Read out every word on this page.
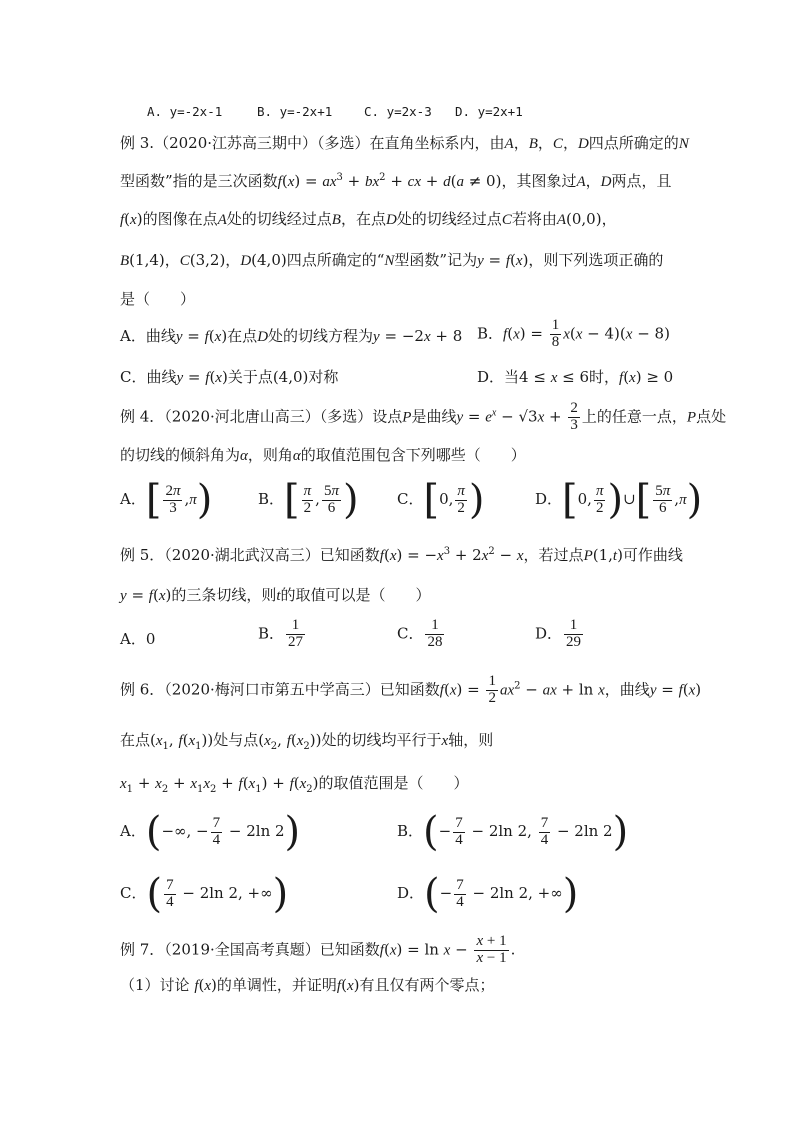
A. y=-2x-1	B. y=-2x+1	C. y=2x-3 D. y=2x+1
例 3.（2020·江苏高三期中）（多选）在直角坐标系内，由A，B，C，D四点所确定的N
型函数”指的是三次函数$f(x) = ax^3 + bx^2$ + cx + d(a ≠ 0)，其图象过A，D两点，且
f(x)的图像在点A处的切线经过点B，在点D处的切线经过点C若将由A(0,0)，
B(1,4)，C(3,2)，D(4,0)四点所确定的“N型函数”记为y = f(x)，则下列选项正确的
是（　　）
A．曲线y = f(x)在点D处的切线方程为y = −2x + 8 B．$f(x) = \frac{1}{8} x(x - 4)(x - 8)$
C．曲线y = f(x)关于点(4,0)对称	D．当4 ≤ x ≤ 6时，f(x) ≥ 0
例 4．（2020·河北唐山高三）（多选）设点P是曲线$y = e^x - √3x + \frac{2}{3}$ 上的任意一点，P点处
的切线的倾斜角为α，则角α的取值范围包含下列哪些（　　）
A．[ $\frac{2\pi}{3} ,\pi$)	B．[ $\frac{\pi}{2}$ , $\frac{5\pi}{6}$ )	C．[0, $\frac{\pi}{2}$ )	D．[0, $\frac{\pi}{2}$ )∪[ $\frac{5\pi}{6} ,\pi$)
例 5．（2020·湖北武汉高三）已知函数$f(x) = -x^3 + 2x^2 - x$，若过点P(1,t)可作曲线
y = f(x)的三条切线，则t的取值可以是（　　）
A．0	B． $\frac{1}{27}$	C． $\frac{1}{28}$	D． $\frac{1}{29}$
例 6．（2020·梅河口市第五中学高三）已知函数$f(x) = \frac{1}{2} ax^2$ − ax + ln x，曲线y = f(x)
在点($x_1$, $f(x_1)$)处与点($x_2$, $f(x_2)$)处的切线均平行于x轴，则
$x_1 + x_2 + x_1x_2 + f(x_1) + f(x_2)$的取值范围是（　　）
A．(−∞, − $\frac{7}{4} - 2\ln$ 2)	B．(− $\frac{7}{4} - 2\ln$ 2, $\frac{7}{4} - 2\ln$ 2)
C．( $\frac{7}{4} - 2\ln$ 2, +∞)	D．(− $\frac{7}{4} - 2\ln$ 2, +∞)
例 7．（2019·全国高考真题）已知函数$f(x) = \ln x - \frac{x + 1}{x - 1}$ .
（1）讨论 f(x)的单调性，并证明f(x)有且仅有两个零点；
